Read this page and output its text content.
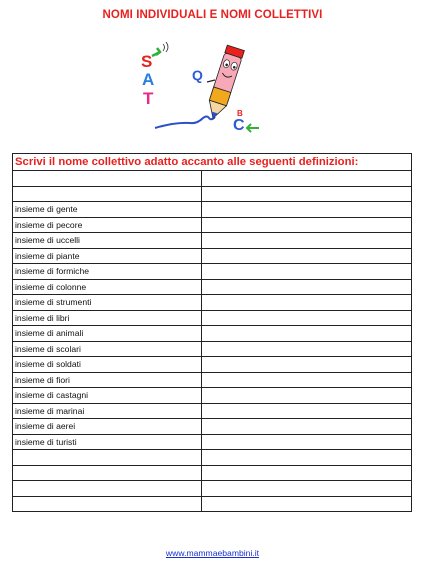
NOMI INDIVIDUALI E NOMI COLLETTIVI
S
A
T
Q
C
B
Scrivi il nome collettivo adatto accanto alle seguenti definizioni:	

insieme di gente	
insieme di pecore	
insieme di uccelli	
insieme di piante	
insieme di formiche	
insieme di colonne	
insieme di strumenti	
insieme di libri	
insieme di animali	
insieme di scolari	
insieme di soldati	
insieme di fiori	
insieme di castagni	
insieme di marinai	
insieme di aerei	
insieme di turisti	

www.mammaebambini.it
